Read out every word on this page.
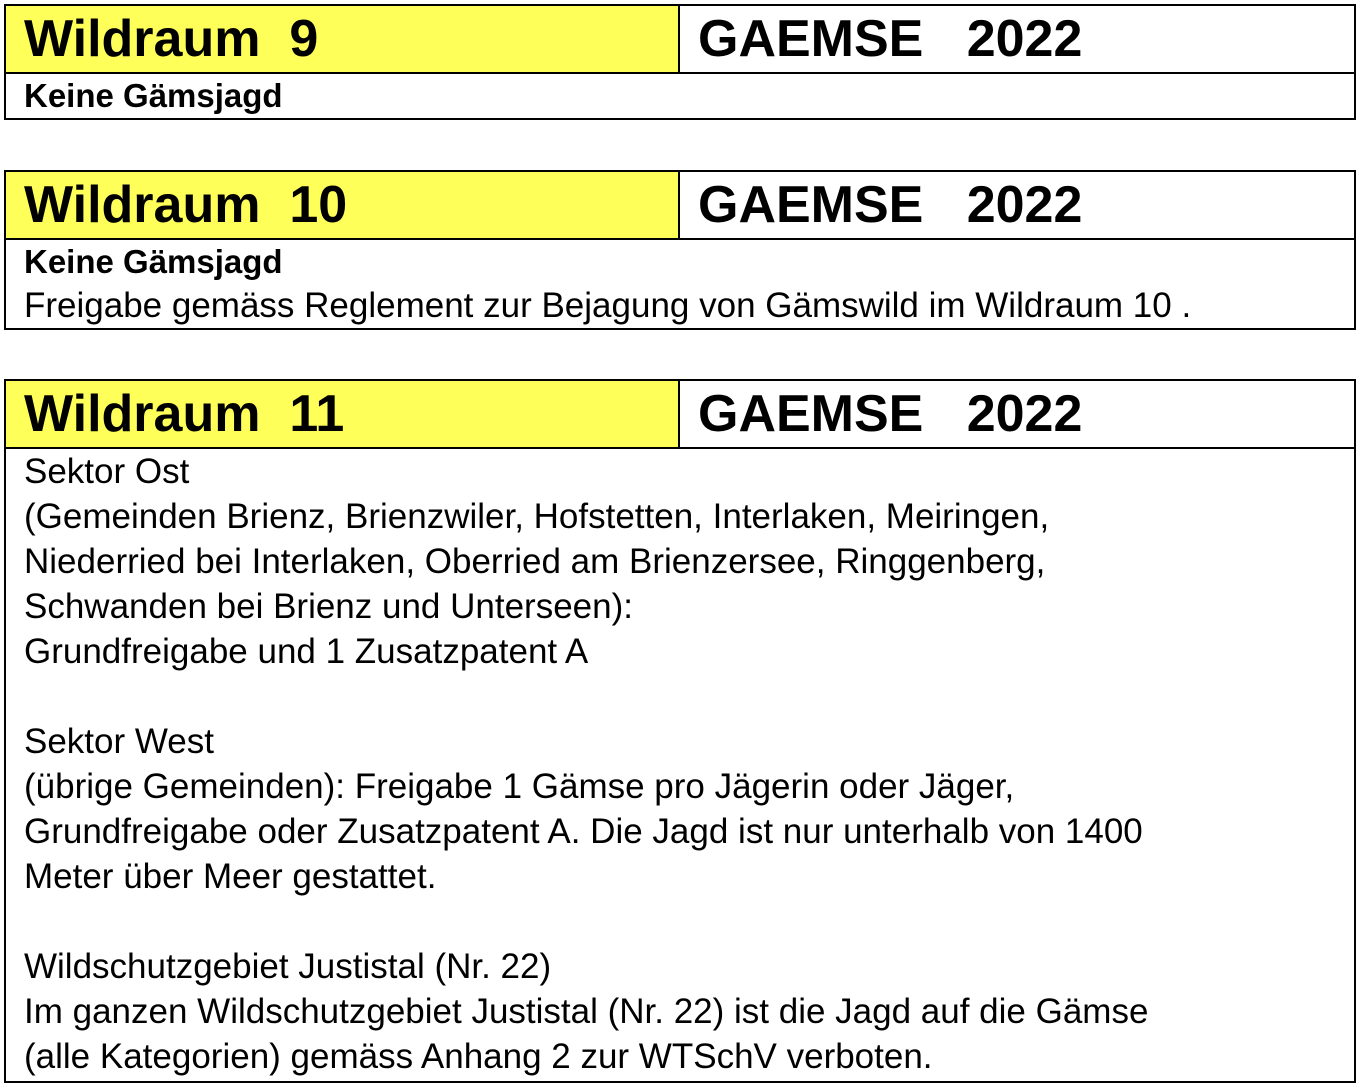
Wildraum  9	GAEMSE   2022
Keine Gämsjagd
Wildraum  10	GAEMSE   2022
Keine Gämsjagd
Freigabe gemäss Reglement zur Bejagung von Gämswild im Wildraum 10 .
Wildraum  11	GAEMSE   2022
Sektor Ost
(Gemeinden Brienz, Brienzwiler, Hofstetten, Interlaken, Meiringen,
Niederried bei Interlaken, Oberried am Brienzersee, Ringgenberg,
Schwanden bei Brienz und Unterseen):
Grundfreigabe und 1 Zusatzpatent A
Sektor West
(übrige Gemeinden): Freigabe 1 Gämse pro Jägerin oder Jäger,
Grundfreigabe oder Zusatzpatent A. Die Jagd ist nur unterhalb von 1400
Meter über Meer gestattet.
Wildschutzgebiet Justistal (Nr. 22)
Im ganzen Wildschutzgebiet Justistal (Nr. 22) ist die Jagd auf die Gämse
(alle Kategorien) gemäss Anhang 2 zur WTSchV verboten.
